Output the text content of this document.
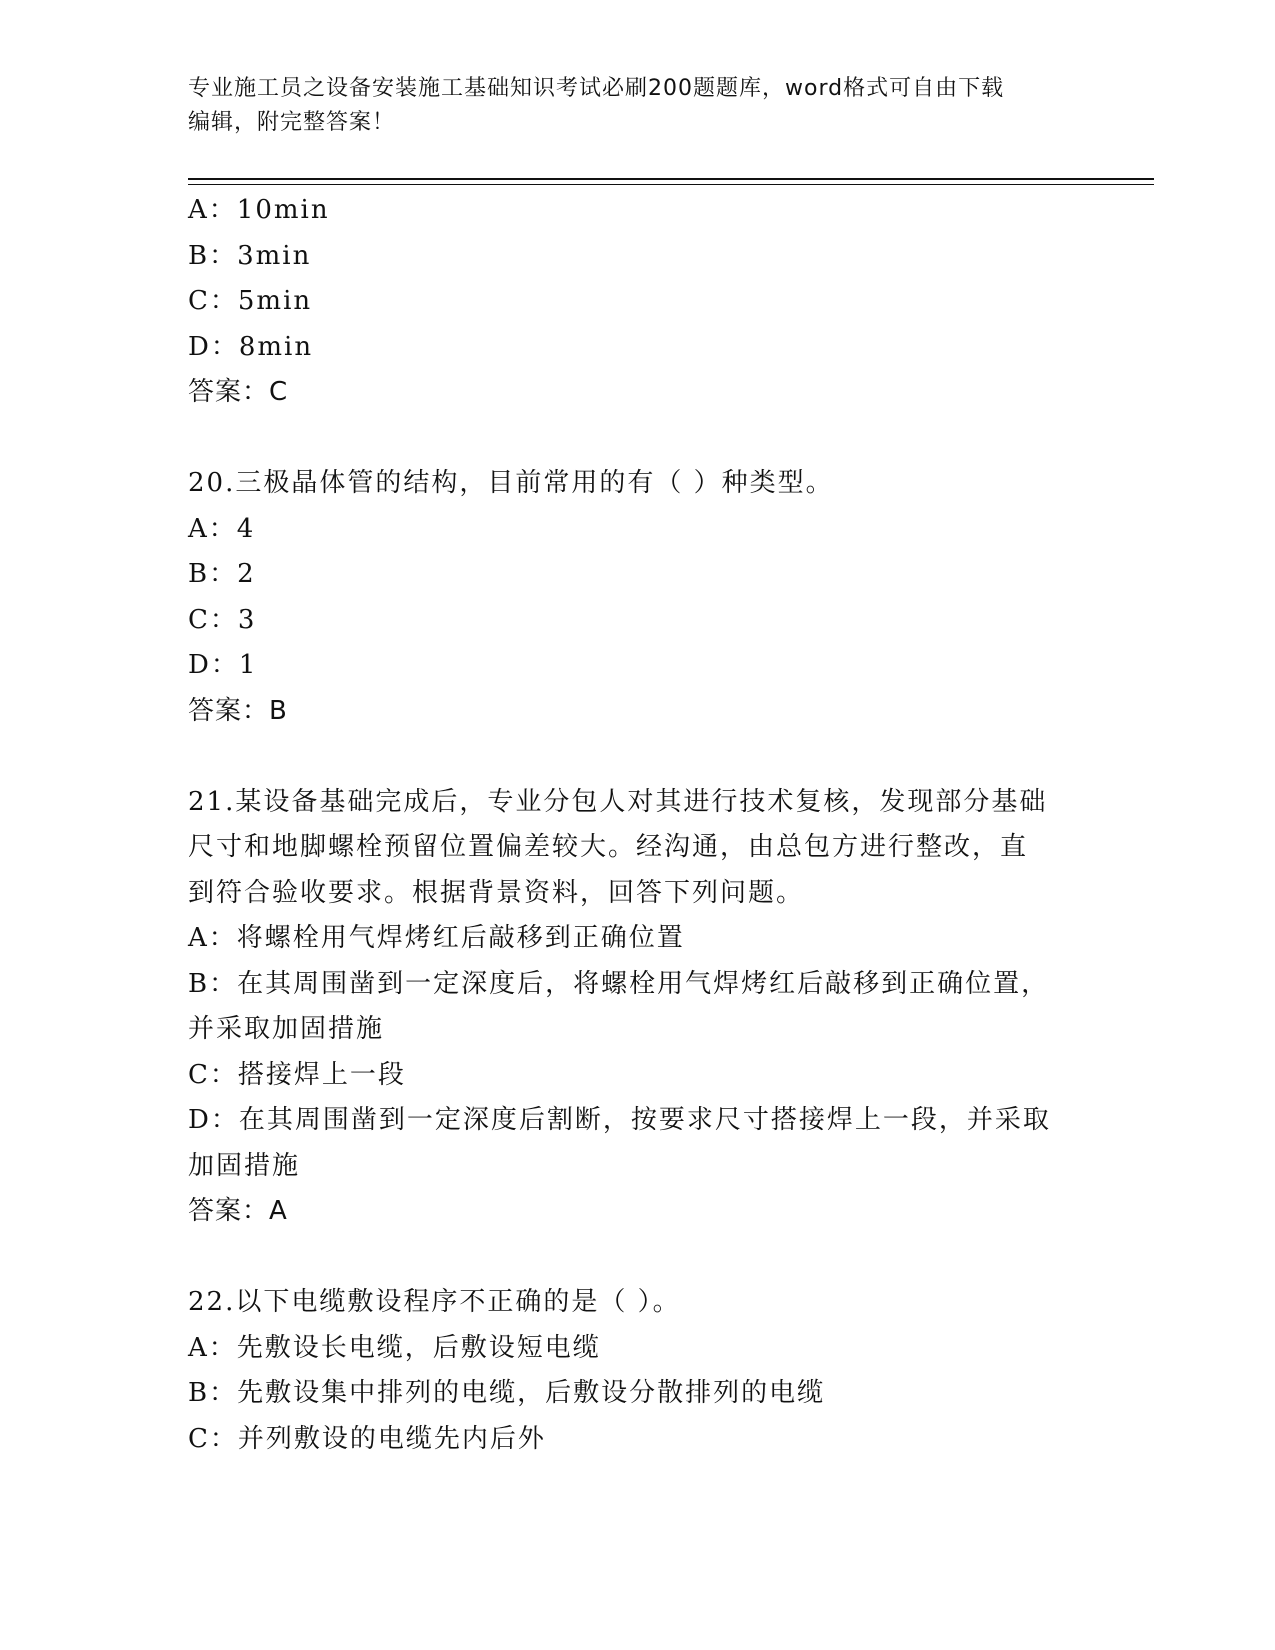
专业施工员之设备安装施工基础知识考试必刷200题题库，word格式可自由下载
编辑，附完整答案！
A：10min
B：3min
C：5min
D：8min
答案：C
20.三极晶体管的结构，目前常用的有（ ）种类型。
A：4
B：2
C：3
D：1
答案：B
21.某设备基础完成后，专业分包人对其进行技术复核，发现部分基础
尺寸和地脚螺栓预留位置偏差较大。经沟通，由总包方进行整改，直
到符合验收要求。根据背景资料，回答下列问题。
A：将螺栓用气焊烤红后敲移到正确位置
B：在其周围凿到一定深度后，将螺栓用气焊烤红后敲移到正确位置，
并采取加固措施
C：搭接焊上一段
D：在其周围凿到一定深度后割断，按要求尺寸搭接焊上一段，并采取
加固措施
答案：A
22.以下电缆敷设程序不正确的是（ ）。
A：先敷设长电缆，后敷设短电缆
B：先敷设集中排列的电缆，后敷设分散排列的电缆
C：并列敷设的电缆先内后外
